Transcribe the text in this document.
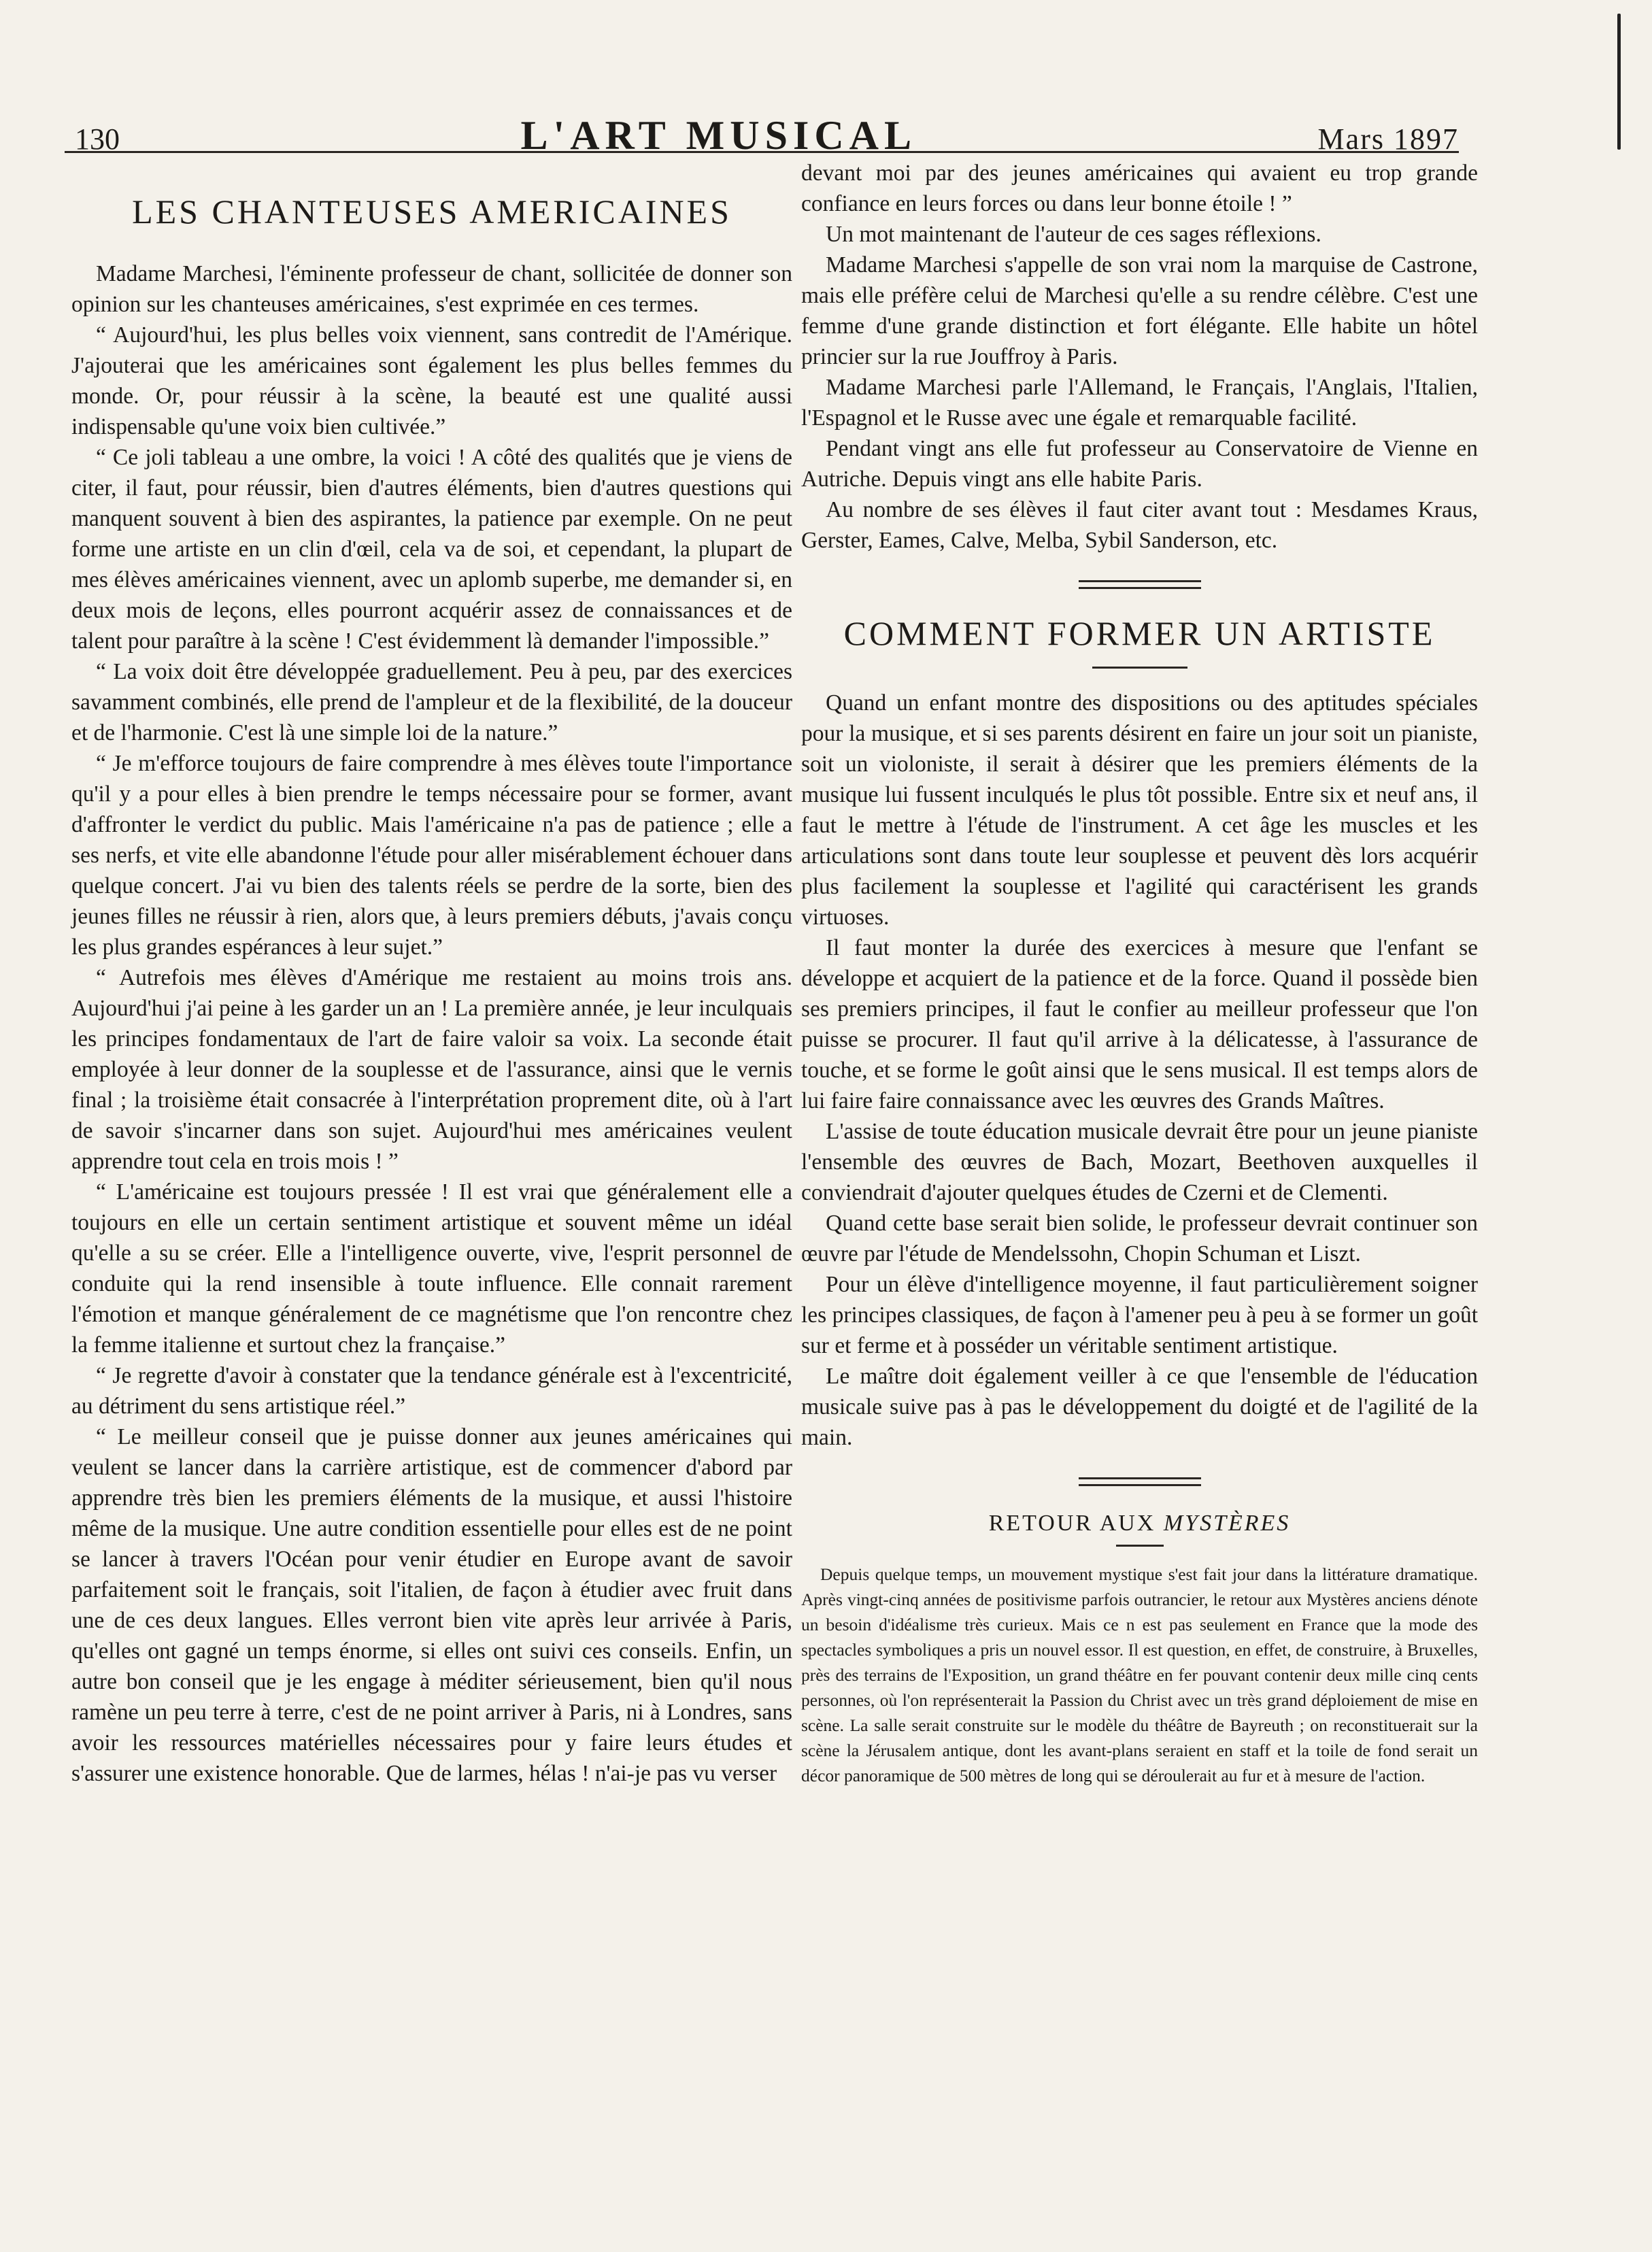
130	L'ART MUSICAL	Mars 1897
LES CHANTEUSES AMERICAINES

Madame Marchesi, l'éminente professeur de chant, sollicitée de donner son opinion sur les chanteuses américaines, s'est exprimée en ces termes.

“ Aujourd'hui, les plus belles voix viennent, sans contredit de l'Amérique. J'ajouterai que les américaines sont également les plus belles femmes du monde. Or, pour réussir à la scène, la beauté est une qualité aussi indispensable qu'une voix bien cultivée.”

“ Ce joli tableau a une ombre, la voici ! A côté des qualités que je viens de citer, il faut, pour réussir, bien d'autres éléments, bien d'autres questions qui manquent souvent à bien des aspirantes, la patience par exemple. On ne peut forme une artiste en un clin d'œil, cela va de soi, et cependant, la plupart de mes élèves américaines viennent, avec un aplomb superbe, me demander si, en deux mois de leçons, elles pourront acquérir assez de connaissances et de talent pour paraître à la scène ! C'est évidemment là demander l'impossible.”

“ La voix doit être développée graduellement. Peu à peu, par des exercices savamment combinés, elle prend de l'ampleur et de la flexibilité, de la douceur et de l'harmonie. C'est là une simple loi de la nature.”

“ Je m'efforce toujours de faire comprendre à mes élèves toute l'importance qu'il y a pour elles à bien prendre le temps nécessaire pour se former, avant d'affronter le verdict du public. Mais l'américaine n'a pas de patience ; elle a ses nerfs, et vite elle abandonne l'étude pour aller misérablement échouer dans quelque concert. J'ai vu bien des talents réels se perdre de la sorte, bien des jeunes filles ne réussir à rien, alors que, à leurs premiers débuts, j'avais conçu les plus grandes espérances à leur sujet.”

“ Autrefois mes élèves d'Amérique me restaient au moins trois ans. Aujourd'hui j'ai peine à les garder un an ! La première année, je leur inculquais les principes fondamentaux de l'art de faire valoir sa voix. La seconde était employée à leur donner de la souplesse et de l'assurance, ainsi que le vernis final ; la troisième était consacrée à l'interprétation proprement dite, où à l'art de savoir s'incarner dans son sujet. Aujourd'hui mes américaines veulent apprendre tout cela en trois mois ! ”

“ L'américaine est toujours pressée ! Il est vrai que généralement elle a toujours en elle un certain sentiment artistique et souvent même un idéal qu'elle a su se créer. Elle a l'intelligence ouverte, vive, l'esprit personnel de conduite qui la rend insensible à toute influence. Elle connait rarement l'émotion et manque généralement de ce magnétisme que l'on rencontre chez la femme italienne et surtout chez la française.”

“ Je regrette d'avoir à constater que la tendance générale est à l'excentricité, au détriment du sens artistique réel.”

“ Le meilleur conseil que je puisse donner aux jeunes américaines qui veulent se lancer dans la carrière artistique, est de commencer d'abord par apprendre très bien les premiers éléments de la musique, et aussi l'histoire même de la musique. Une autre condition essentielle pour elles est de ne point se lancer à travers l'Océan pour venir étudier en Europe avant de savoir parfaitement soit le français, soit l'italien, de façon à étudier avec fruit dans une de ces deux langues. Elles verront bien vite après leur arrivée à Paris, qu'elles ont gagné un temps énorme, si elles ont suivi ces conseils. Enfin, un autre bon conseil que je les engage à méditer sérieusement, bien qu'il nous ramène un peu terre à terre, c'est de ne point arriver à Paris, ni à Londres, sans avoir les ressources matérielles nécessaires pour y faire leurs études et s'assurer une existence honorable. Que de larmes, hélas ! n'ai-je pas vu verser

devant moi par des jeunes américaines qui avaient eu trop grande confiance en leurs forces ou dans leur bonne étoile ! ”

Un mot maintenant de l'auteur de ces sages réflexions.

Madame Marchesi s'appelle de son vrai nom la marquise de Castrone, mais elle préfère celui de Marchesi qu'elle a su rendre célèbre. C'est une femme d'une grande distinction et fort élégante. Elle habite un hôtel princier sur la rue Jouffroy à Paris.

Madame Marchesi parle l'Allemand, le Français, l'Anglais, l'Italien, l'Espagnol et le Russe avec une égale et remarquable facilité.

Pendant vingt ans elle fut professeur au Conservatoire de Vienne en Autriche. Depuis vingt ans elle habite Paris.

Au nombre de ses élèves il faut citer avant tout : Mesdames Kraus, Gerster, Eames, Calve, Melba, Sybil Sanderson, etc.

COMMENT FORMER UN ARTISTE

Quand un enfant montre des dispositions ou des aptitudes spéciales pour la musique, et si ses parents désirent en faire un jour soit un pianiste, soit un violoniste, il serait à désirer que les premiers éléments de la musique lui fussent inculqués le plus tôt possible. Entre six et neuf ans, il faut le mettre à l'étude de l'instrument. A cet âge les muscles et les articulations sont dans toute leur souplesse et peuvent dès lors acquérir plus facilement la souplesse et l'agilité qui caractérisent les grands virtuoses.

Il faut monter la durée des exercices à mesure que l'enfant se développe et acquiert de la patience et de la force. Quand il possède bien ses premiers principes, il faut le confier au meilleur professeur que l'on puisse se procurer. Il faut qu'il arrive à la délicatesse, à l'assurance de touche, et se forme le goût ainsi que le sens musical. Il est temps alors de lui faire faire connaissance avec les œuvres des Grands Maîtres.

L'assise de toute éducation musicale devrait être pour un jeune pianiste l'ensemble des œuvres de Bach, Mozart, Beethoven auxquelles il conviendrait d'ajouter quelques études de Czerni et de Clementi.

Quand cette base serait bien solide, le professeur devrait continuer son œuvre par l'étude de Mendelssohn, Chopin Schuman et Liszt.

Pour un élève d'intelligence moyenne, il faut particulièrement soigner les principes classiques, de façon à l'amener peu à peu à se former un goût sur et ferme et à posséder un véritable sentiment artistique.

Le maître doit également veiller à ce que l'ensemble de l'éducation musicale suive pas à pas le développement du doigté et de l'agilité de la main.

RETOUR AUX MYSTÈRES

Depuis quelque temps, un mouvement mystique s'est fait jour dans la littérature dramatique. Après vingt-cinq années de positivisme parfois outrancier, le retour aux Mystères anciens dénote un besoin d'idéalisme très curieux. Mais ce n est pas seulement en France que la mode des spectacles symboliques a pris un nouvel essor. Il est question, en effet, de construire, à Bruxelles, près des terrains de l'Exposition, un grand théâtre en fer pouvant contenir deux mille cinq cents personnes, où l'on représenterait la Passion du Christ avec un très grand déploiement de mise en scène. La salle serait construite sur le modèle du théâtre de Bayreuth ; on reconstituerait sur la scène la Jérusalem antique, dont les avant-plans seraient en staff et la toile de fond serait un décor panoramique de 500 mètres de long qui se déroulerait au fur et à mesure de l'action.
